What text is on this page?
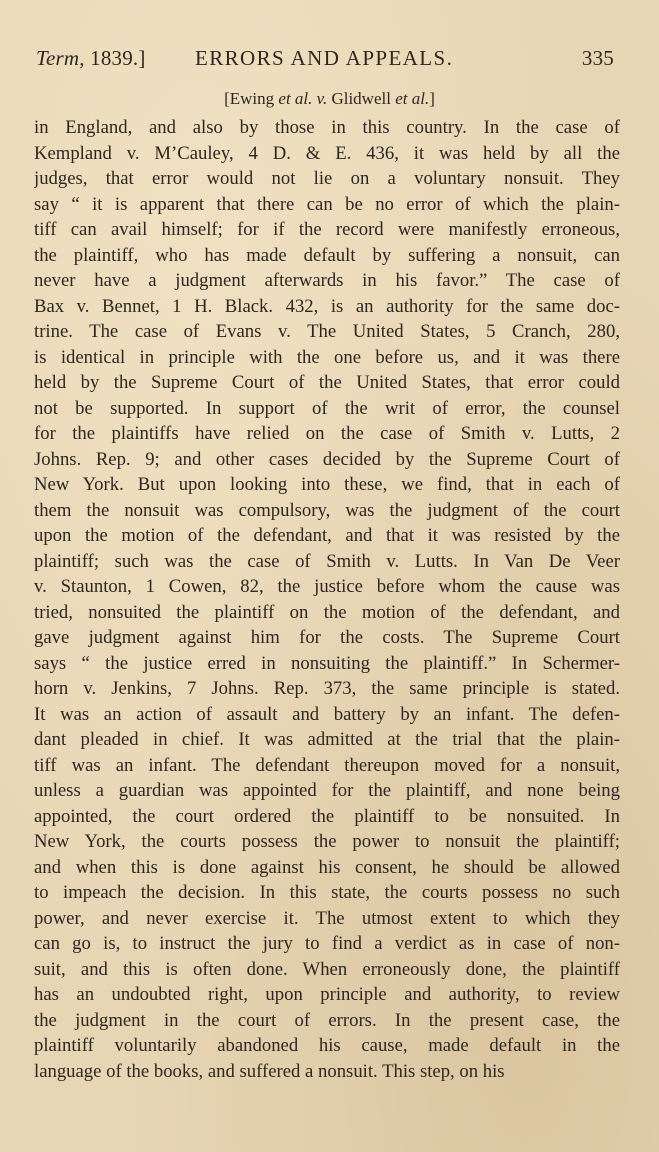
Term, 1839.] ERRORS AND APPEALS.	335
[Ewing et al. v. Glidwell et al.]
in England, and also by those in this country. In the case of
Kempland v. M’Cauley, 4 D. & E. 436, it was held by all the
judges, that error would not lie on a voluntary nonsuit. They
say “ it is apparent that there can be no error of which the plain-
tiff can avail himself; for if the record were manifestly erroneous,
the plaintiff, who has made default by suffering a nonsuit, can
never have a judgment afterwards in his favor.” The case of
Bax v. Bennet, 1 H. Black. 432, is an authority for the same doc-
trine. The case of Evans v. The United States, 5 Cranch, 280,
is identical in principle with the one before us, and it was there
held by the Supreme Court of the United States, that error could
not be supported. In support of the writ of error, the counsel
for the plaintiffs have relied on the case of Smith v. Lutts, 2
Johns. Rep. 9; and other cases decided by the Supreme Court of
New York. But upon looking into these, we find, that in each of
them the nonsuit was compulsory, was the judgment of the court
upon the motion of the defendant, and that it was resisted by the
plaintiff; such was the case of Smith v. Lutts. In Van De Veer
v. Staunton, 1 Cowen, 82, the justice before whom the cause was
tried, nonsuited the plaintiff on the motion of the defendant, and
gave judgment against him for the costs. The Supreme Court
says “ the justice erred in nonsuiting the plaintiff.” In Schermer-
horn v. Jenkins, 7 Johns. Rep. 373, the same principle is stated.
It was an action of assault and battery by an infant. The defen-
dant pleaded in chief. It was admitted at the trial that the plain-
tiff was an infant. The defendant thereupon moved for a nonsuit,
unless a guardian was appointed for the plaintiff, and none being
appointed, the court ordered the plaintiff to be nonsuited. In
New York, the courts possess the power to nonsuit the plaintiff;
and when this is done against his consent, he should be allowed
to impeach the decision. In this state, the courts possess no such
power, and never exercise it. The utmost extent to which they
can go is, to instruct the jury to find a verdict as in case of non-
suit, and this is often done. When erroneously done, the plaintiff
has an undoubted right, upon principle and authority, to review
the judgment in the court of errors. In the present case, the
plaintiff voluntarily abandoned his cause, made default in the
language of the books, and suffered a nonsuit. This step, on his
